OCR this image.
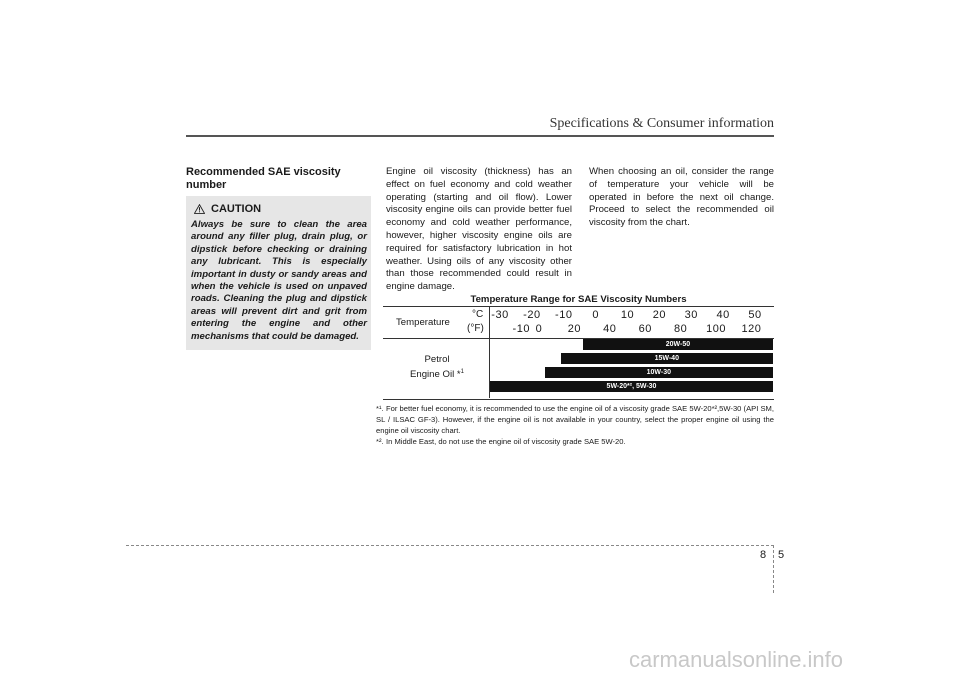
Specifications & Consumer information
Recommended SAE viscosity number
CAUTION
Always be sure to clean the area around any filler plug, drain plug, or dipstick before checking or draining any lubricant. This is especially important in dusty or sandy areas and when the vehicle is used on unpaved roads. Cleaning the plug and dipstick areas will prevent dirt and grit from entering the engine and other mechanisms that could be damaged.
Engine oil viscosity (thickness) has an effect on fuel economy and cold weather operating (starting and oil flow). Lower viscosity engine oils can provide better fuel economy and cold weather performance, however, higher viscosity engine oils are required for satisfactory lubrication in hot weather. Using oils of any viscosity other than those recommended could result in engine damage.
When choosing an oil, consider the range of temperature your vehicle will be operated in before the next oil change. Proceed to select the recommended oil viscosity from the chart.
Temperature Range for SAE Viscosity Numbers
Temperature
°C
(°F)
Petrol
Engine Oil *$^1$
-30 -20 -10 0 10 20 30 40 50
-10 0 20 40 60 80 100 120
20W-50
15W-40
10W-30
5W-20*², 5W-30
*¹. For better fuel economy, it is recommended to use the engine oil of a viscosity grade SAE 5W-20*²,5W-30 (API SM, SL / ILSAC GF-3). However, if the engine oil is not available in your country, select the proper engine oil using the engine oil viscosity chart.
*². In Middle East, do not use the engine oil of viscosity grade SAE 5W-20.
8 5
carmanualsonline.info
